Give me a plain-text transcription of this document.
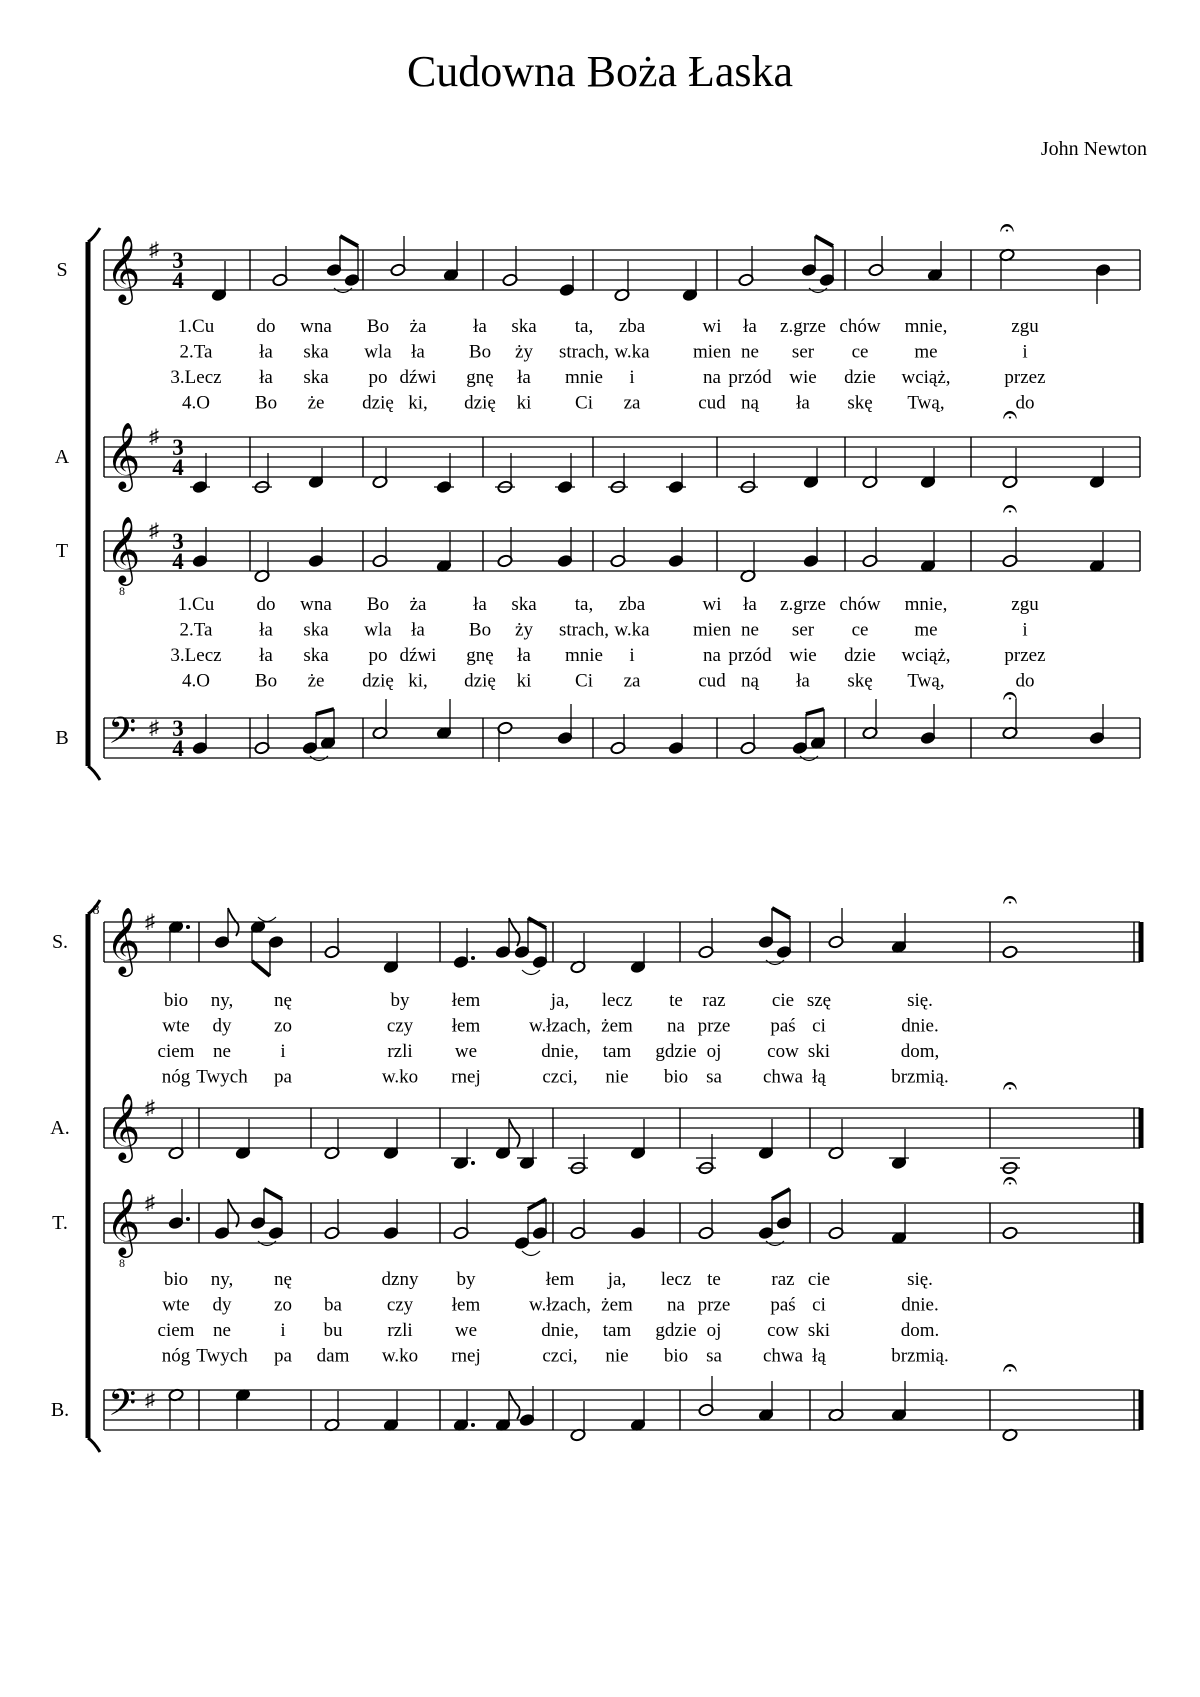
Cudowna Boża Łaska
John Newton
S 𝄞 ♯ 3
4
A 𝄞 ♯ 3
4
T 𝄞 ♯
8
3
4
B 𝄢 ♯ 3
4
𝄐
𝄐
𝄐
𝄐
1.Cu do wna Bo ża ła ska ta, zba	wi ła z.grze chów mnie,	zgu
2.Ta ła ska wla ła Bo ży strach, w.ka mien ne ser ce me	i
3.Lecz ła ska po dźwi gnę ła mnie i	na przód wie dzie wciąż,	przez
4.O Bo że dzię ki, dzię ki Ci za	cud ną ła skę Twą,	do
1.Cu do wna Bo ża ła ska ta, zba	wi ła z.grze chów mnie,	zgu
2.Ta ła ska wla ła Bo ży strach, w.ka mien ne ser ce me	i
3.Lecz ła ska po dźwi gnę ła mnie i	na przód wie dzie wciąż,	przez
4.O Bo że dzię ki, dzię ki Ci za	cud ną ła skę Twą,	do
8
S. 𝄞 ♯
A. 𝄞 ♯
T. 𝄞 ♯
8
B. 𝄢 ♯
𝄐
𝄐
𝄐
𝄐
bio ny, nę	by łem	ja, lecz te raz cie szę	się.
wte dy zo	czy łem	w.łzach, żem na prze paś ci	dnie.
ciem ne	i	rzli we	dnie, tam gdzie oj cow ski	dom,
nóg Twych pa	w.ko rnej	czci, nie bio sa chwa łą	brzmią.
bio ny, nę	dzny by	łem ja, lecz te	raz cie	się.
wte dy zo ba czy łem	w.łzach, żem na prze paś ci	dnie.
ciem ne	i bu rzli we	dnie, tam gdzie oj cow ski	dom.
nóg Twych pa dam w.ko rnej	czci, nie bio sa chwa łą	brzmią.
